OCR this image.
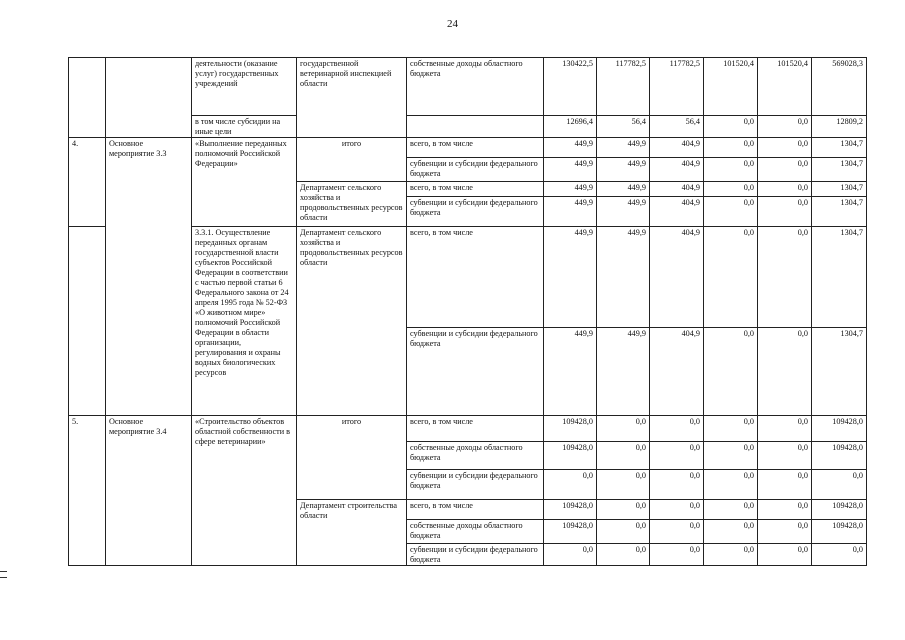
24
		деятельности (оказание услуг) государственных учреждений	государственной ветеринарной инспекцией области	собственные доходы областного бюджета	130422,5	117782,5	117782,5	101520,4	101520,4	569028,3
		в том числе субсидии на иные цели			12696,4	56,4	56,4	0,0	0,0	12809,2
4.	Основное мероприятие 3.3	«Выполнение переданных полномочий Российской Федерации»	итого	всего, в том числе	449,9	449,9	404,9	0,0	0,0	1304,7
				субвенции и субсидии федерального бюджета	449,9	449,9	404,9	0,0	0,0	1304,7
			Департамент сельского хозяйства и продовольственных ресурсов области	всего, в том числе	449,9	449,9	404,9	0,0	0,0	1304,7
				субвенции и субсидии федерального бюджета	449,9	449,9	404,9	0,0	0,0	1304,7
		3.3.1. Осуществление переданных органам государственной власти субъектов Российской Федерации в соответствии с частью первой статьи 6 Федерального закона от 24 апреля 1995 года № 52-ФЗ «О животном мире» полномочий Российской Федерации в области организации, регулирования и охраны водных биологических ресурсов	Департамент сельского хозяйства и продовольственных ресурсов области	всего, в том числе	449,9	449,9	404,9	0,0	0,0	1304,7
				субвенции и субсидии федерального бюджета	449,9	449,9	404,9	0,0	0,0	1304,7
5.	Основное мероприятие 3.4	«Строительство объектов областной собственности в сфере ветеринарии»	итого	всего, в том числе	109428,0	0,0	0,0	0,0	0,0	109428,0
				собственные доходы областного бюджета	109428,0	0,0	0,0	0,0	0,0	109428,0
				субвенции и субсидии федерального бюджета	0,0	0,0	0,0	0,0	0,0	0,0
			Департамент строительства области	всего, в том числе	109428,0	0,0	0,0	0,0	0,0	109428,0
				собственные доходы областного бюджета	109428,0	0,0	0,0	0,0	0,0	109428,0
				субвенции и субсидии федерального бюджета	0,0	0,0	0,0	0,0	0,0	0,0
